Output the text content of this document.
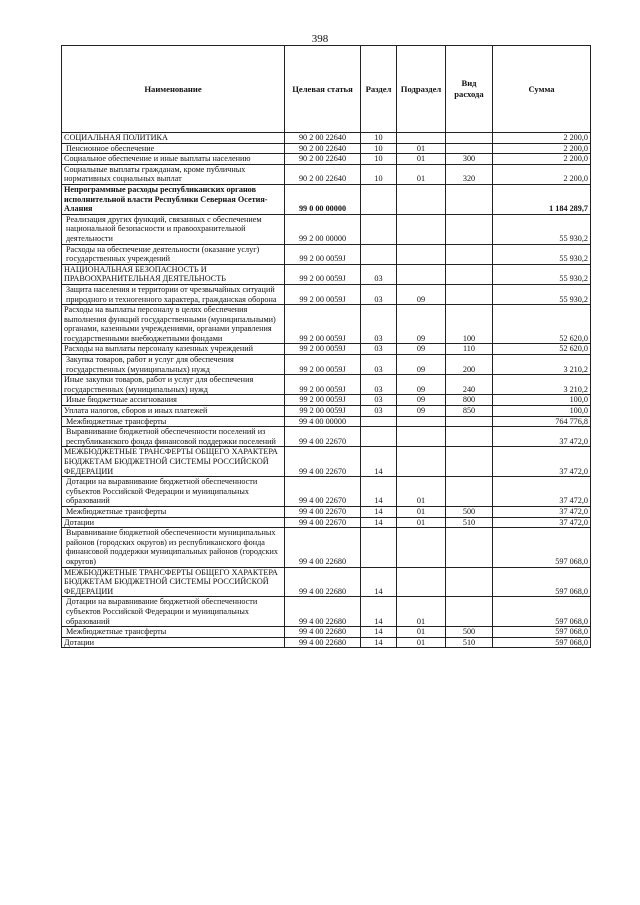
398
Наименование	Целевая статья	Раздел	Подраздел	Вид расхода	Сумма
СОЦИАЛЬНАЯ ПОЛИТИКА	90 2 00 22640	10			2 200,0
Пенсионное обеспечение	90 2 00 22640	10	01		2 200,0
Социальное обеспечение и иные выплаты населению	90 2 00 22640	10	01	300	2 200,0
Социальные выплаты гражданам, кроме публичных нормативных социальных выплат	90 2 00 22640	10	01	320	2 200,0
Непрограммные расходы республиканских органов исполнительной власти Республики Северная Осетия-Алания	99 0 00 00000				1 184 289,7
Реализация других функций, связанных с обеспечением национальной безопасности и правоохранительной деятельности	99 2 00 00000				55 930,2
Расходы на обеспечение деятельности (оказание услуг) государственных учреждений	99 2 00 0059J				55 930,2
НАЦИОНАЛЬНАЯ БЕЗОПАСНОСТЬ И ПРАВООХРАНИТЕЛЬНАЯ ДЕЯТЕЛЬНОСТЬ	99 2 00 0059J	03			55 930,2
Защита населения и территории от чрезвычайных ситуаций природного и техногенного характера, гражданская оборона	99 2 00 0059J	03	09		55 930,2
Расходы на выплаты персоналу в целях обеспечения выполнения функций государственными (муниципальными) органами, казенными учреждениями, органами управления государственными внебюджетными фондами	99 2 00 0059J	03	09	100	52 620,0
Расходы на выплаты персоналу казенных учреждений	99 2 00 0059J	03	09	110	52 620,0
Закупка товаров, работ и услуг для обеспечения государственных (муниципальных) нужд	99 2 00 0059J	03	09	200	3 210,2
Иные закупки товаров, работ и услуг для обеспечения государственных (муниципальных) нужд	99 2 00 0059J	03	09	240	3 210,2
Иные бюджетные ассигнования	99 2 00 0059J	03	09	800	100,0
Уплата налогов, сборов и иных платежей	99 2 00 0059J	03	09	850	100,0
Межбюджетные трансферты	99 4 00 00000				764 776,8
Выравнивание бюджетной обеспеченности поселений из республиканского фонда финансовой поддержки поселений	99 4 00 22670				37 472,0
МЕЖБЮДЖЕТНЫЕ ТРАНСФЕРТЫ ОБЩЕГО ХАРАКТЕРА БЮДЖЕТАМ БЮДЖЕТНОЙ СИСТЕМЫ РОССИЙСКОЙ ФЕДЕРАЦИИ	99 4 00 22670	14			37 472,0
Дотации на выравнивание бюджетной обеспеченности субъектов Российской Федерации и муниципальных образований	99 4 00 22670	14	01		37 472,0
Межбюджетные трансферты	99 4 00 22670	14	01	500	37 472,0
Дотации	99 4 00 22670	14	01	510	37 472,0
Выравнивание бюджетной обеспеченности муниципальных районов (городских округов) из республиканского фонда финансовой поддержки муниципальных районов (городских округов)	99 4 00 22680				597 068,0
МЕЖБЮДЖЕТНЫЕ ТРАНСФЕРТЫ ОБЩЕГО ХАРАКТЕРА БЮДЖЕТАМ БЮДЖЕТНОЙ СИСТЕМЫ РОССИЙСКОЙ ФЕДЕРАЦИИ	99 4 00 22680	14			597 068,0
Дотации на выравнивание бюджетной обеспеченности субъектов Российской Федерации и муниципальных образований	99 4 00 22680	14	01		597 068,0
Межбюджетные трансферты	99 4 00 22680	14	01	500	597 068,0
Дотации	99 4 00 22680	14	01	510	597 068,0
